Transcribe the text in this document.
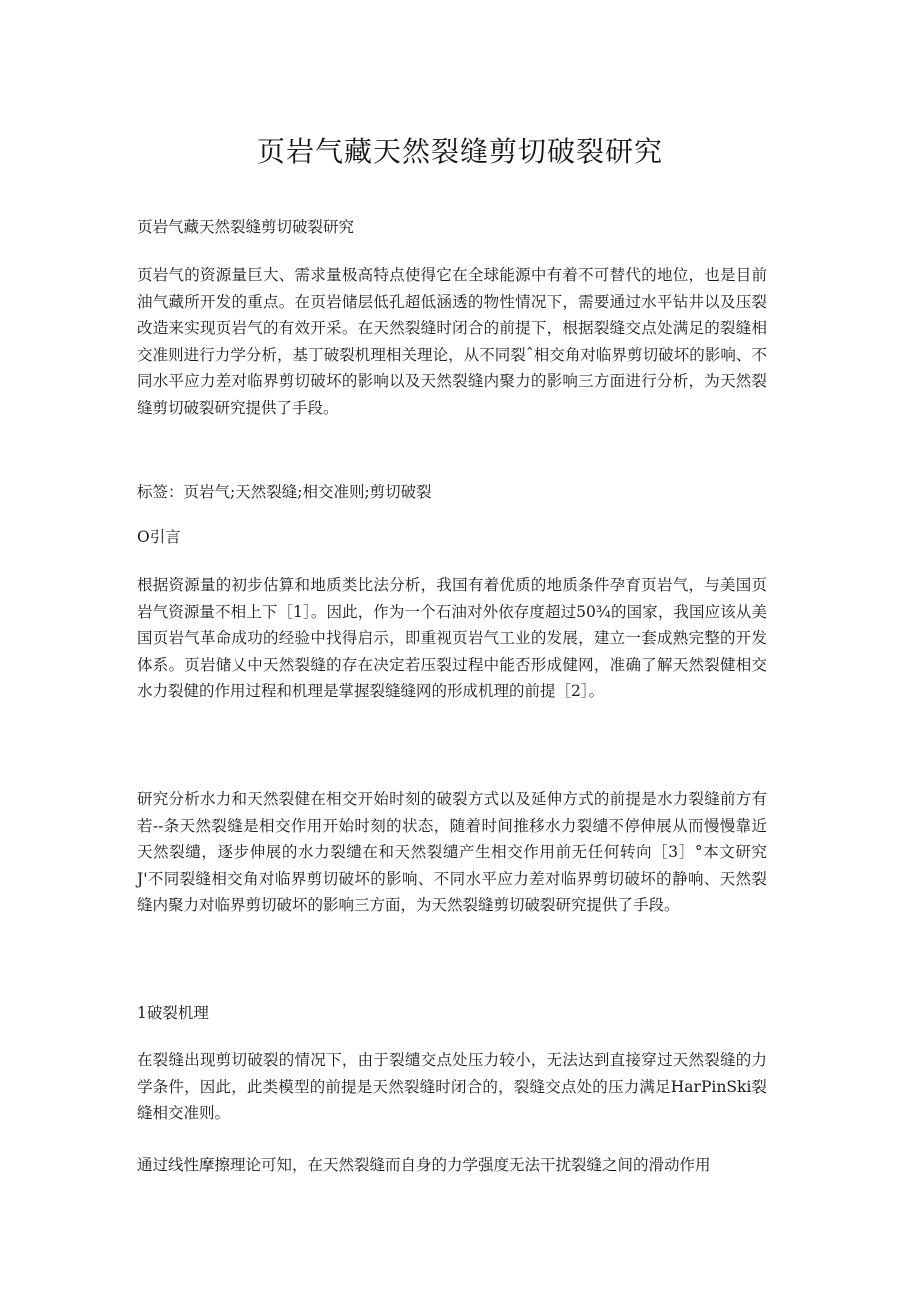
页岩气藏天然裂缝剪切破裂研究
页岩气藏天然裂缝剪切破裂研究
页岩气的资源量巨大、需求量极高特点使得它在全球能源中有着不可替代的地位，也是目前油气藏所开发的重点。在页岩储层低孔超低涵透的物性情况下，需要通过水平钻井以及压裂改造来实现页岩气的有效开采。在天然裂缝时闭合的前提下，根据裂缝交点处满足的裂缝相交准则进行力学分析，基丁破裂机理相关理论，从不同裂ˆ相交角对临界剪切破坏的影响、不同水平应力差对临界剪切破坏的影响以及天然裂缝内聚力的影响三方面进行分析，为天然裂缝剪切破裂研究提供了手段。
标签：页岩气;天然裂缝;相交准则;剪切破裂
O引言
根据资源量的初步估算和地质类比法分析，我国有着优质的地质条件孕育页岩气，与美国页岩气资源量不相上下［1］。因此，作为一个石油对外依存度超过50¾的国家，我国应该从美国页岩气革命成功的经验中找得启示，即重视页岩气工业的发展，建立一套成熟完整的开发体系。页岩储乂中天然裂缝的存在决定若压裂过程中能否形成健网，准确了解天然裂健相交水力裂健的作用过程和机理是掌握裂缝缝网的形成机理的前提［2］。
研究分析水力和天然裂健在相交开始时刻的破裂方式以及延伸方式的前提是水力裂缝前方有若--条天然裂缝是相交作用开始时刻的状态，随着时间推移水力裂缱不停伸展从而慢慢靠近天然裂缱，逐步伸展的水力裂缱在和天然裂缱产生相交作用前无任何转向［3］°本文研究J'不同裂缝相交角对临界剪切破坏的影响、不同水平应力差对临界剪切破坏的静响、天然裂缝内聚力对临界剪切破坏的影响三方面，为天然裂缝剪切破裂研究提供了手段。
1破裂机理
在裂缝出现剪切破裂的情况下，由于裂缱交点处压力较小，无法达到直接穿过天然裂缝的力学条件，因此，此类模型的前提是天然裂缝时闭合的，裂缝交点处的压力满足HarPinSki裂缝相交准则。
通过线性摩擦理论可知，在天然裂缝而自身的力学强度无法干扰裂缝之间的滑动作用
